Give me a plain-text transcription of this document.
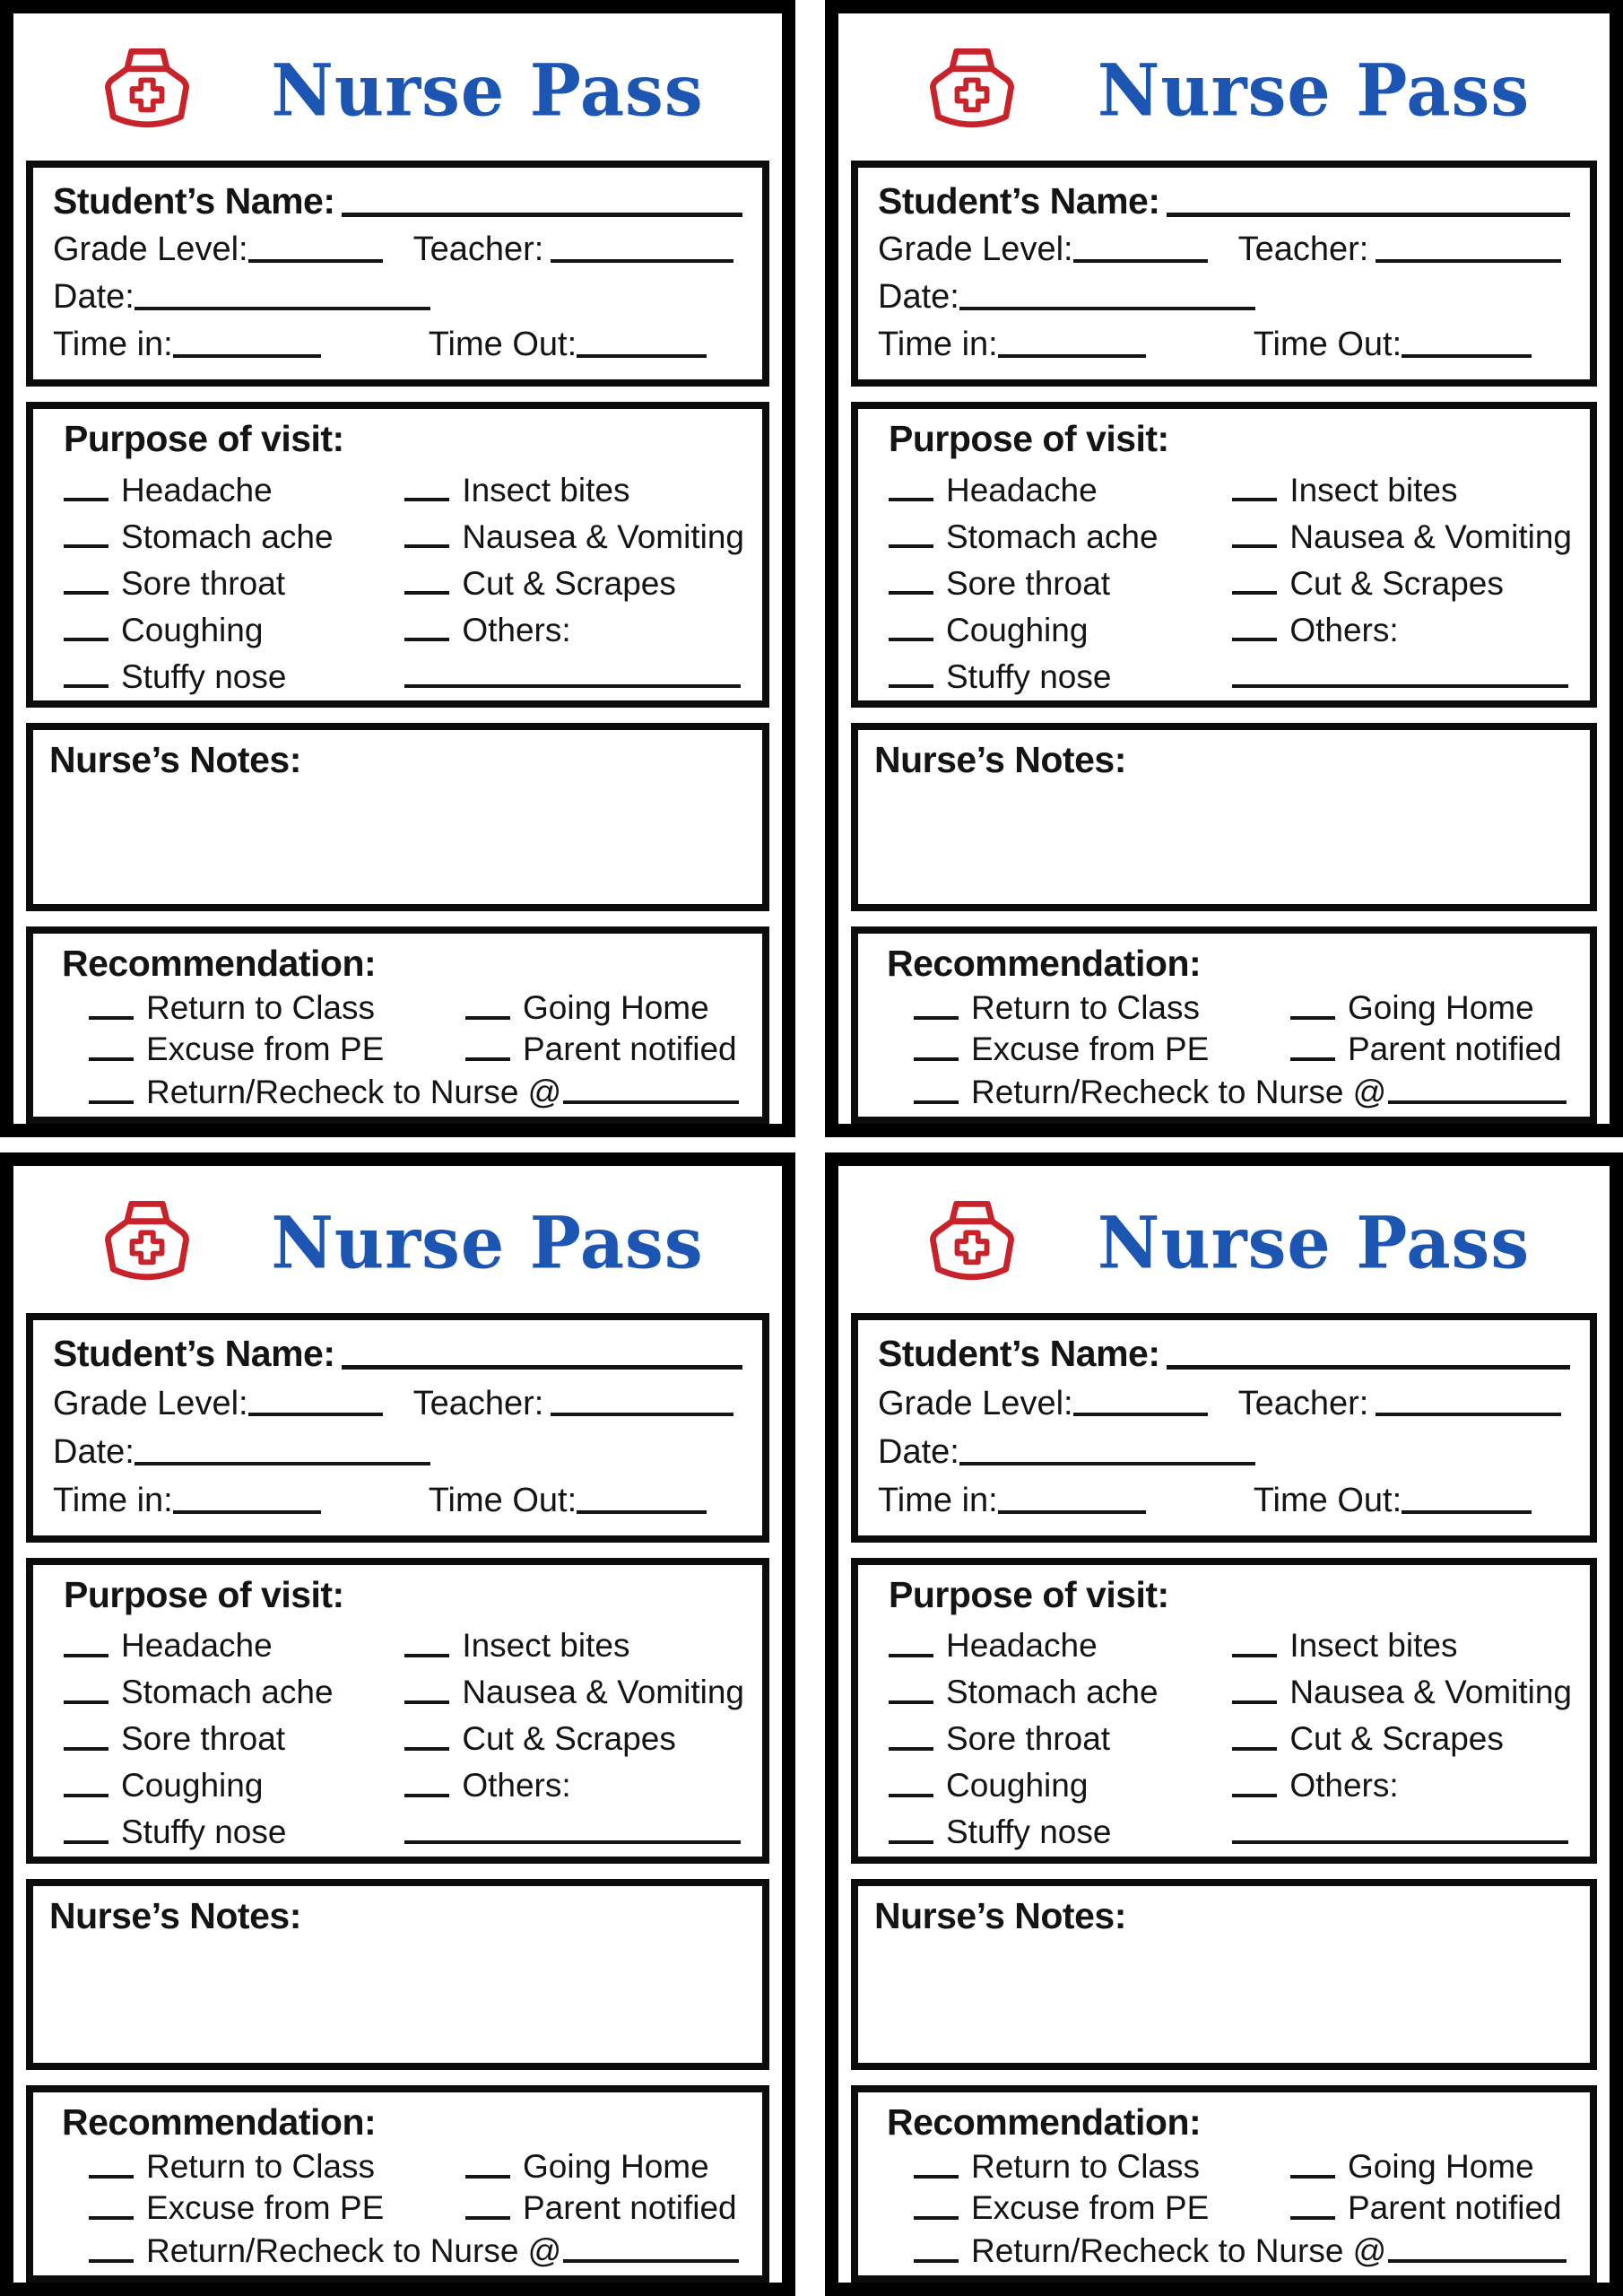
Nurse Pass
Student’s Name:
Grade Level:	Teacher:
Date:
Time in:	Time Out:
Purpose of visit:
Headache
Stomach ache
Sore throat
Coughing
Stuffy nose
Insect bites
Nausea & Vomiting
Cut & Scrapes
Others:
Nurse’s Notes:
Recommendation:
Return to Class	Going Home
Excuse from PE	Parent notified
Return/Recheck to Nurse @
Nurse Pass
Student’s Name:
Grade Level:	Teacher:
Date:
Time in:	Time Out:
Purpose of visit:
Headache
Stomach ache
Sore throat
Coughing
Stuffy nose
Insect bites
Nausea & Vomiting
Cut & Scrapes
Others:
Nurse’s Notes:
Recommendation:
Return to Class	Going Home
Excuse from PE	Parent notified
Return/Recheck to Nurse @
Nurse Pass
Student’s Name:
Grade Level:	Teacher:
Date:
Time in:	Time Out:
Purpose of visit:
Headache
Stomach ache
Sore throat
Coughing
Stuffy nose
Insect bites
Nausea & Vomiting
Cut & Scrapes
Others:
Nurse’s Notes:
Recommendation:
Return to Class	Going Home
Excuse from PE	Parent notified
Return/Recheck to Nurse @
Nurse Pass
Student’s Name:
Grade Level:	Teacher:
Date:
Time in:	Time Out:
Purpose of visit:
Headache
Stomach ache
Sore throat
Coughing
Stuffy nose
Insect bites
Nausea & Vomiting
Cut & Scrapes
Others:
Nurse’s Notes:
Recommendation:
Return to Class	Going Home
Excuse from PE	Parent notified
Return/Recheck to Nurse @
